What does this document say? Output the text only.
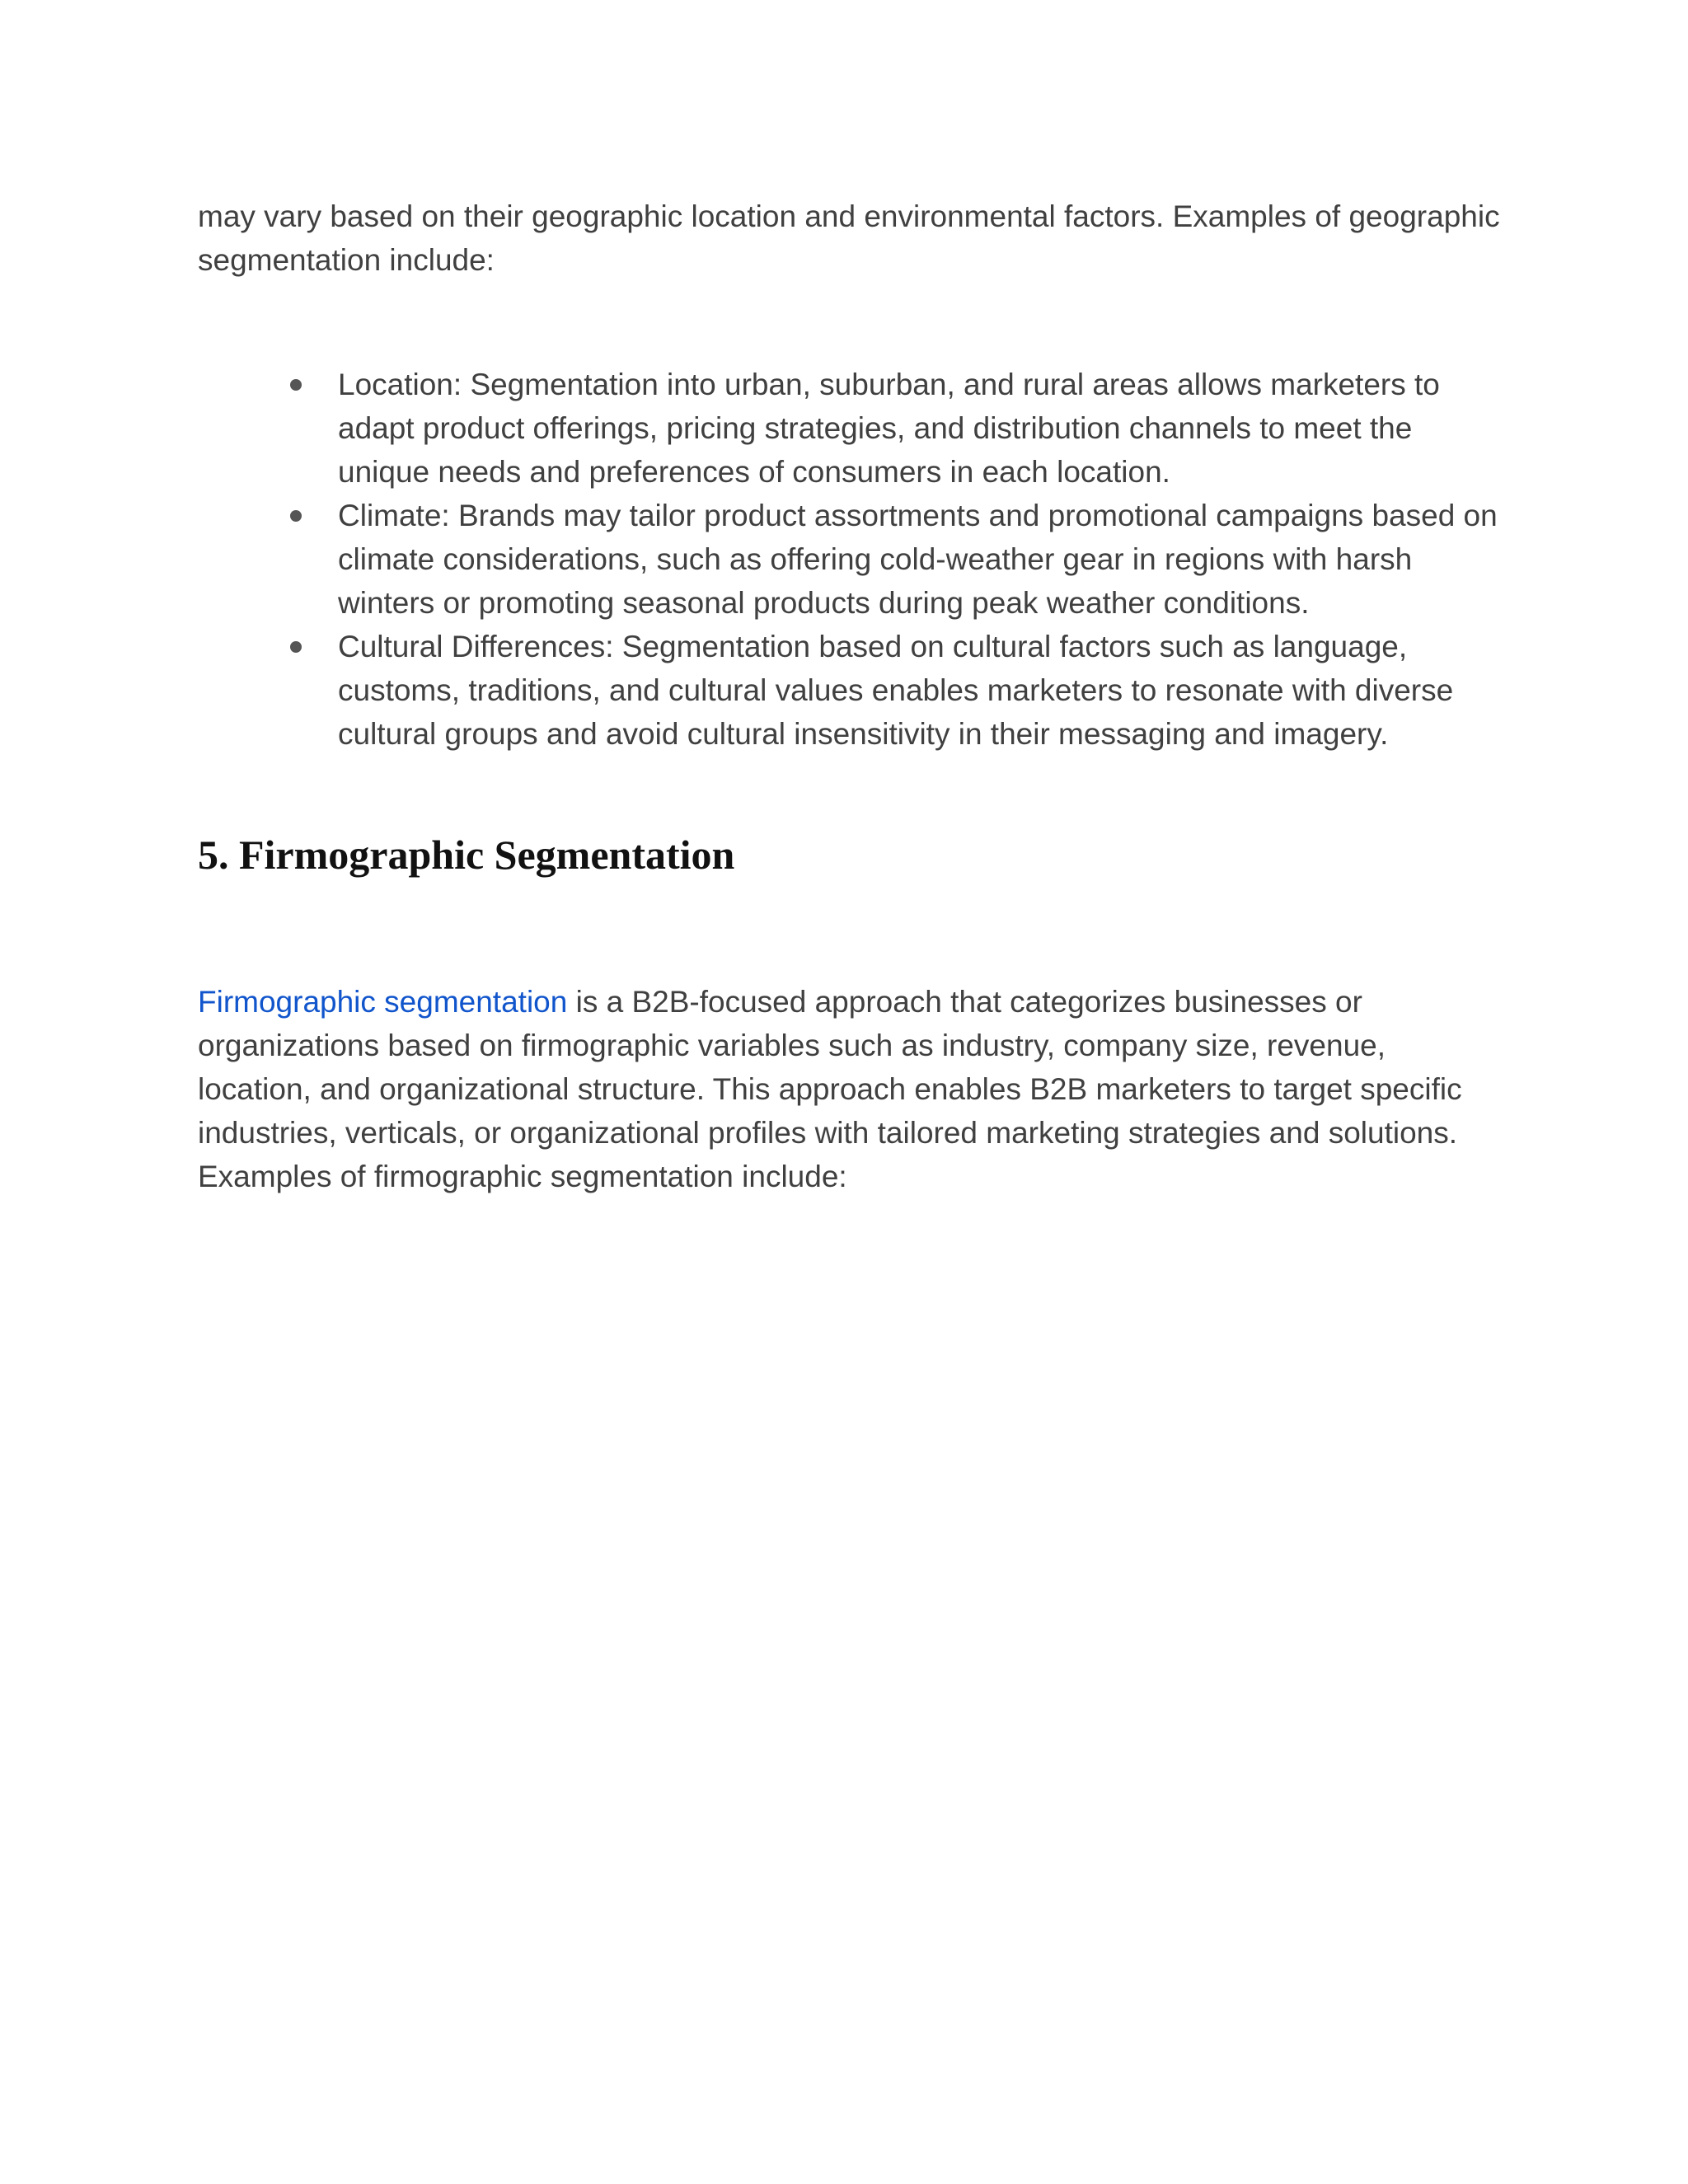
may vary based on their geographic location and environmental factors. Examples of geographic segmentation include:

Location: Segmentation into urban, suburban, and rural areas allows marketers to adapt product offerings, pricing strategies, and distribution channels to meet the unique needs and preferences of consumers in each location.
Climate: Brands may tailor product assortments and promotional campaigns based on climate considerations, such as offering cold-weather gear in regions with harsh winters or promoting seasonal products during peak weather conditions.
Cultural Differences: Segmentation based on cultural factors such as language, customs, traditions, and cultural values enables marketers to resonate with diverse cultural groups and avoid cultural insensitivity in their messaging and imagery.
5. Firmographic Segmentation

Firmographic segmentation is a B2B-focused approach that categorizes businesses or organizations based on firmographic variables such as industry, company size, revenue, location, and organizational structure. This approach enables B2B marketers to target specific industries, verticals, or organizational profiles with tailored marketing strategies and solutions. Examples of firmographic segmentation include:
